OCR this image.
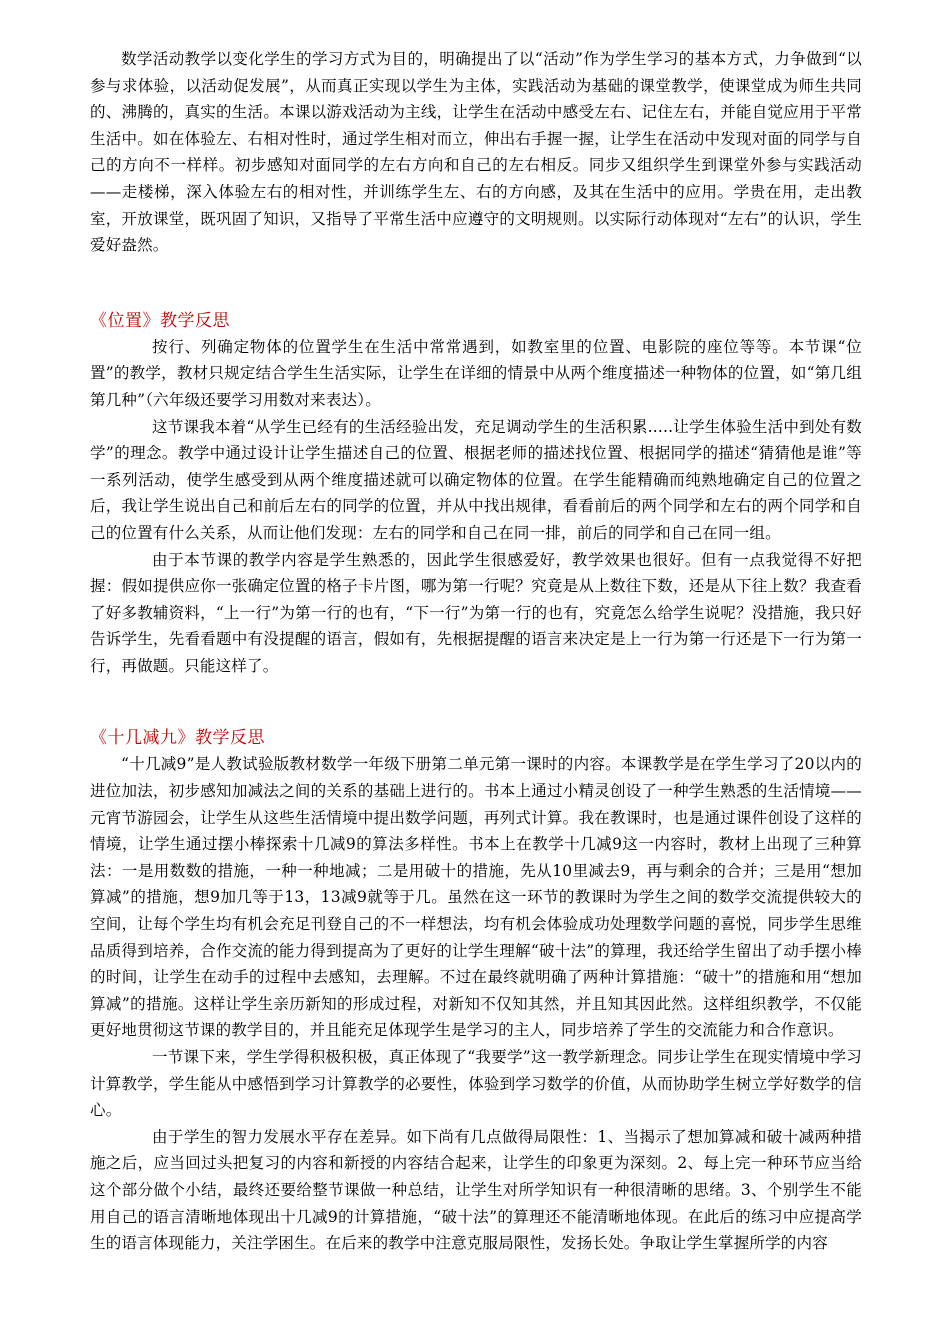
数学活动教学以变化学生的学习方式为目的，明确提出了以“活动”作为学生学习的基本方式，力争做到“以参与求体验，以活动促发展”，从而真正实现以学生为主体，实践活动为基础的课堂教学，使课堂成为师生共同的、沸腾的，真实的生活。本课以游戏活动为主线，让学生在活动中感受左右、记住左右，并能自觉应用于平常生活中。如在体验左、右相对性时，通过学生相对而立，伸出右手握一握，让学生在活动中发现对面的同学与自己的方向不一样样。初步感知对面同学的左右方向和自己的左右相反。同步又组织学生到课堂外参与实践活动——走楼梯，深入体验左右的相对性，并训练学生左、右的方向感，及其在生活中的应用。学贵在用，走出教室，开放课堂，既巩固了知识，又指导了平常生活中应遵守的文明规则。以实际行动体现对“左右”的认识，学生爱好盎然。

《位置》教学反思

按行、列确定物体的位置学生在生活中常常遇到，如教室里的位置、电影院的座位等等。本节课“位置”的教学，教材只规定结合学生生活实际，让学生在详细的情景中从两个维度描述一种物体的位置，如“第几组第几种”（六年级还要学习用数对来表达）。

这节课我本着“从学生已经有的生活经验出发，充足调动学生的生活积累.....让学生体验生活中到处有数学”的理念。教学中通过设计让学生描述自己的位置、根据老师的描述找位置、根据同学的描述“猜猜他是谁”等一系列活动，使学生感受到从两个维度描述就可以确定物体的位置。在学生能精确而纯熟地确定自己的位置之后，我让学生说出自己和前后左右的同学的位置，并从中找出规律，看看前后的两个同学和左右的两个同学和自己的位置有什么关系，从而让他们发现：左右的同学和自己在同一排，前后的同学和自己在同一组。

由于本节课的教学内容是学生熟悉的，因此学生很感爱好，教学效果也很好。但有一点我觉得不好把握：假如提供应你一张确定位置的格子卡片图，哪为第一行呢？究竟是从上数往下数，还是从下往上数？我查看了好多教辅资料，“上一行”为第一行的也有，“下一行”为第一行的也有，究竟怎么给学生说呢？没措施，我只好告诉学生，先看看题中有没提醒的语言，假如有，先根据提醒的语言来决定是上一行为第一行还是下一行为第一行，再做题。只能这样了。

《十几减九》教学反思

“十几减9”是人教试验版教材数学一年级下册第二单元第一课时的内容。本课教学是在学生学习了20以内的进位加法，初步感知加减法之间的关系的基础上进行的。书本上通过小精灵创设了一种学生熟悉的生活情境——元宵节游园会，让学生从这些生活情境中提出数学问题，再列式计算。我在教课时，也是通过课件创设了这样的情境，让学生通过摆小棒探索十几减9的算法多样性。书本上在教学十几减9这一内容时，教材上出现了三种算法：一是用数数的措施，一种一种地减；二是用破十的措施，先从10里减去9，再与剩余的合并；三是用“想加算减”的措施，想9加几等于13，13减9就等于几。虽然在这一环节的教课时为学生之间的数学交流提供较大的空间，让每个学生均有机会充足刊登自己的不一样想法，均有机会体验成功处理数学问题的喜悦，同步学生思维品质得到培养，合作交流的能力得到提高为了更好的让学生理解“破十法”的算理，我还给学生留出了动手摆小棒的时间，让学生在动手的过程中去感知，去理解。不过在最终就明确了两种计算措施：“破十”的措施和用“想加算减”的措施。这样让学生亲历新知的形成过程，对新知不仅知其然，并且知其因此然。这样组织教学，不仅能更好地贯彻这节课的教学目的，并且能充足体现学生是学习的主人，同步培养了学生的交流能力和合作意识。

一节课下来，学生学得积极积极，真正体现了“我要学”这一教学新理念。同步让学生在现实情境中学习计算教学，学生能从中感悟到学习计算教学的必要性，体验到学习数学的价值，从而协助学生树立学好数学的信心。

由于学生的智力发展水平存在差异。如下尚有几点做得局限性：1、当揭示了想加算减和破十减两种措施之后，应当回过头把复习的内容和新授的内容结合起来，让学生的印象更为深刻。2、每上完一种环节应当给这个部分做个小结，最终还要给整节课做一种总结，让学生对所学知识有一种很清晰的思绪。3、个别学生不能用自己的语言清晰地体现出十几减9的计算措施，“破十法”的算理还不能清晰地体现。在此后的练习中应提高学生的语言体现能力，关注学困生。在后来的教学中注意克服局限性，发扬长处。争取让学生掌握所学的内容
